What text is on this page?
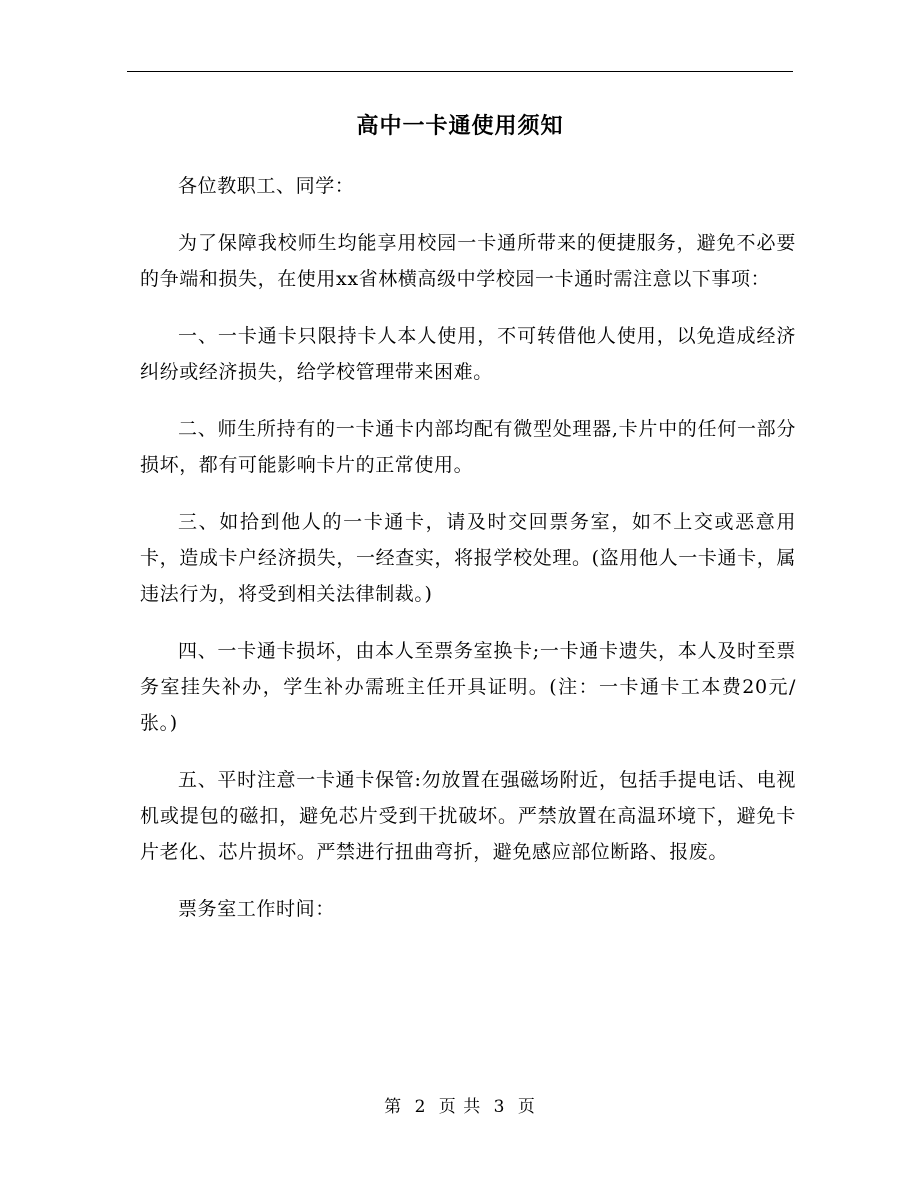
高中一卡通使用须知

各位教职工、同学：

为了保障我校师生均能享用校园一卡通所带来的便捷服务，避免不必要的争端和损失，在使用xx省林横高级中学校园一卡通时需注意以下事项：

一、一卡通卡只限持卡人本人使用，不可转借他人使用，以免造成经济纠纷或经济损失，给学校管理带来困难。

二、师生所持有的一卡通卡内部均配有微型处理器,卡片中的任何一部分损坏，都有可能影响卡片的正常使用。

三、如拾到他人的一卡通卡，请及时交回票务室，如不上交或恶意用卡，造成卡户经济损失，一经查实，将报学校处理。(盗用他人一卡通卡，属违法行为，将受到相关法律制裁。)

四、一卡通卡损坏，由本人至票务室换卡;一卡通卡遗失，本人及时至票务室挂失补办，学生补办需班主任开具证明。(注：一卡通卡工本费20元/张。)

五、平时注意一卡通卡保管:勿放置在强磁场附近，包括手提电话、电视机或提包的磁扣，避免芯片受到干扰破坏。严禁放置在高温环境下，避免卡片老化、芯片损坏。严禁进行扭曲弯折，避免感应部位断路、报废。

票务室工作时间：

第 2 页 共 3 页
